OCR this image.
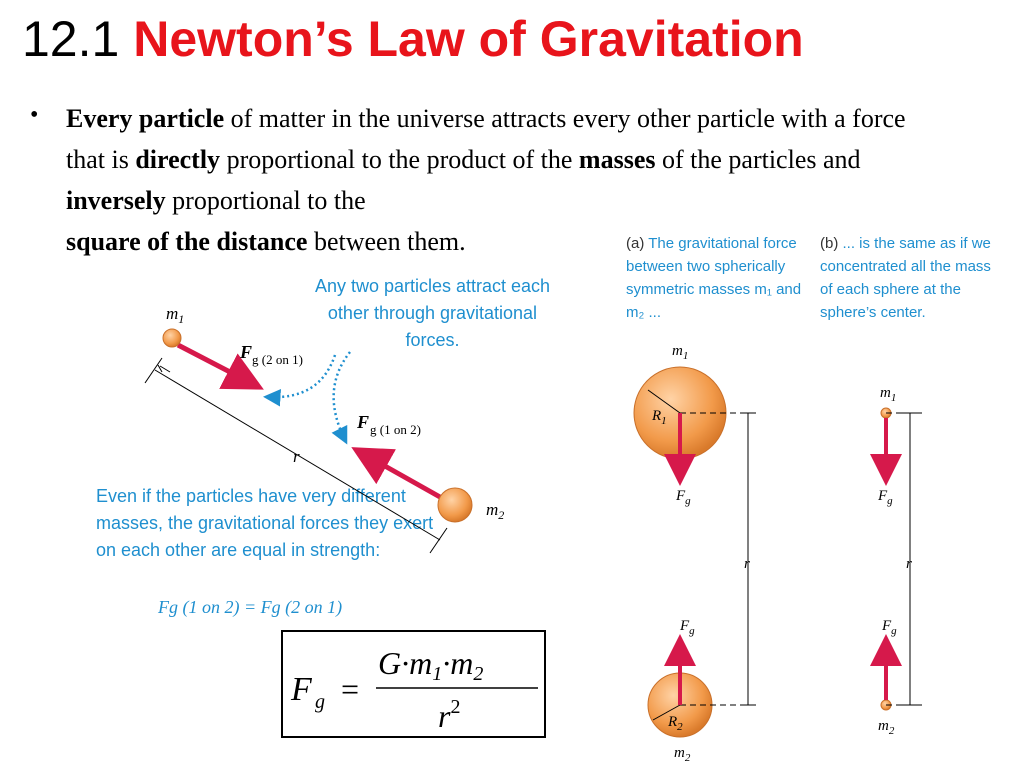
12.1 Newton’s Law of Gravitation
• Every particle of matter in the universe attracts every other particle with a force that is directly proportional to the product of the masses of the particles and inversely proportional to the
square of the distance between them.	(a) The gravitational force between two spherically symmetric masses m₁ and m₂ ...
(b) ... is the same as if we concentrated all the mass of each sphere at the sphere’s center.
Any two particles attract each other through gravitational forces.
Even if the particles have very different masses, the gravitational forces they exert on each other are equal in strength:
Fg (1 on 2) = Fg (2 on 1)
$m_1$
$m_2$
r
F g (2 on 1)
F g (1 on 2)
$m_1$
$m_2$
$R_1$
$R_2$
$F_g$
$F_g$
r
$m_1$
$m_2$
$F_g$
$F_g$
r
F g =
G·m1·m2
$r^2$
